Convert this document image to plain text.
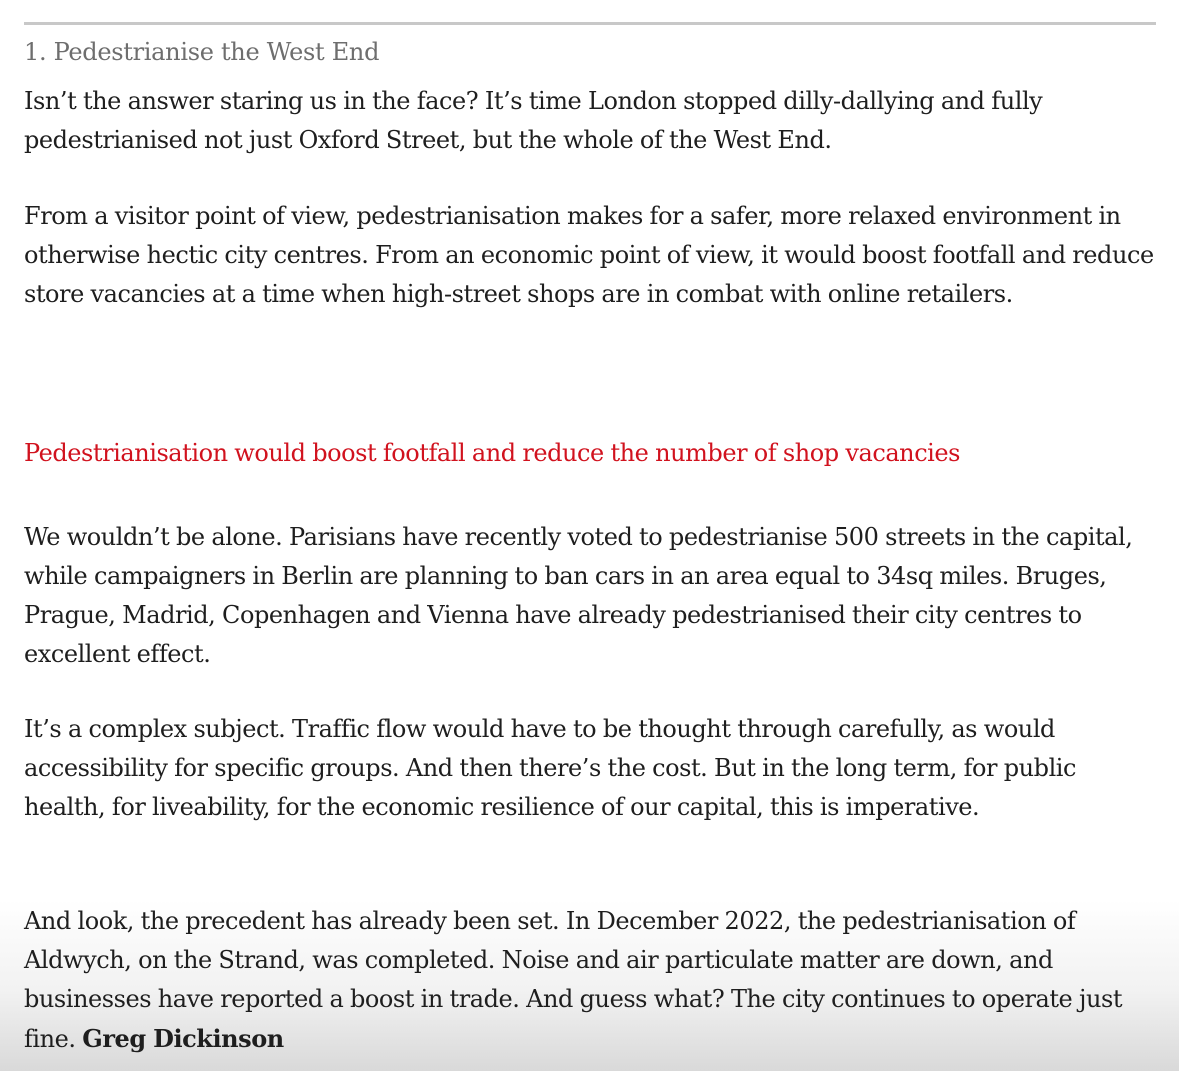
1. Pedestrianise the West End

Isn’t the answer staring us in the face? It’s time London stopped dilly-dallying and fully pedestrianised not just Oxford Street, but the whole of the West End.

From a visitor point of view, pedestrianisation makes for a safer, more relaxed environment in otherwise hectic city centres. From an economic point of view, it would boost footfall and reduce store vacancies at a time when high-street shops are in combat with online retailers.

Pedestrianisation would boost footfall and reduce the number of shop vacancies

We wouldn’t be alone. Parisians have recently voted to pedestrianise 500 streets in the capital, while campaigners in Berlin are planning to ban cars in an area equal to 34sq miles. Bruges, Prague, Madrid, Copenhagen and Vienna have already pedestrianised their city centres to excellent effect.

It’s a complex subject. Traffic flow would have to be thought through carefully, as would accessibility for specific groups. And then there’s the cost. But in the long term, for public health, for liveability, for the economic resilience of our capital, this is imperative.

And look, the precedent has already been set. In December 2022, the pedestrianisation of Aldwych, on the Strand, was completed. Noise and air particulate matter are down, and businesses have reported a boost in trade. And guess what? The city continues to operate just fine. Greg Dickinson
